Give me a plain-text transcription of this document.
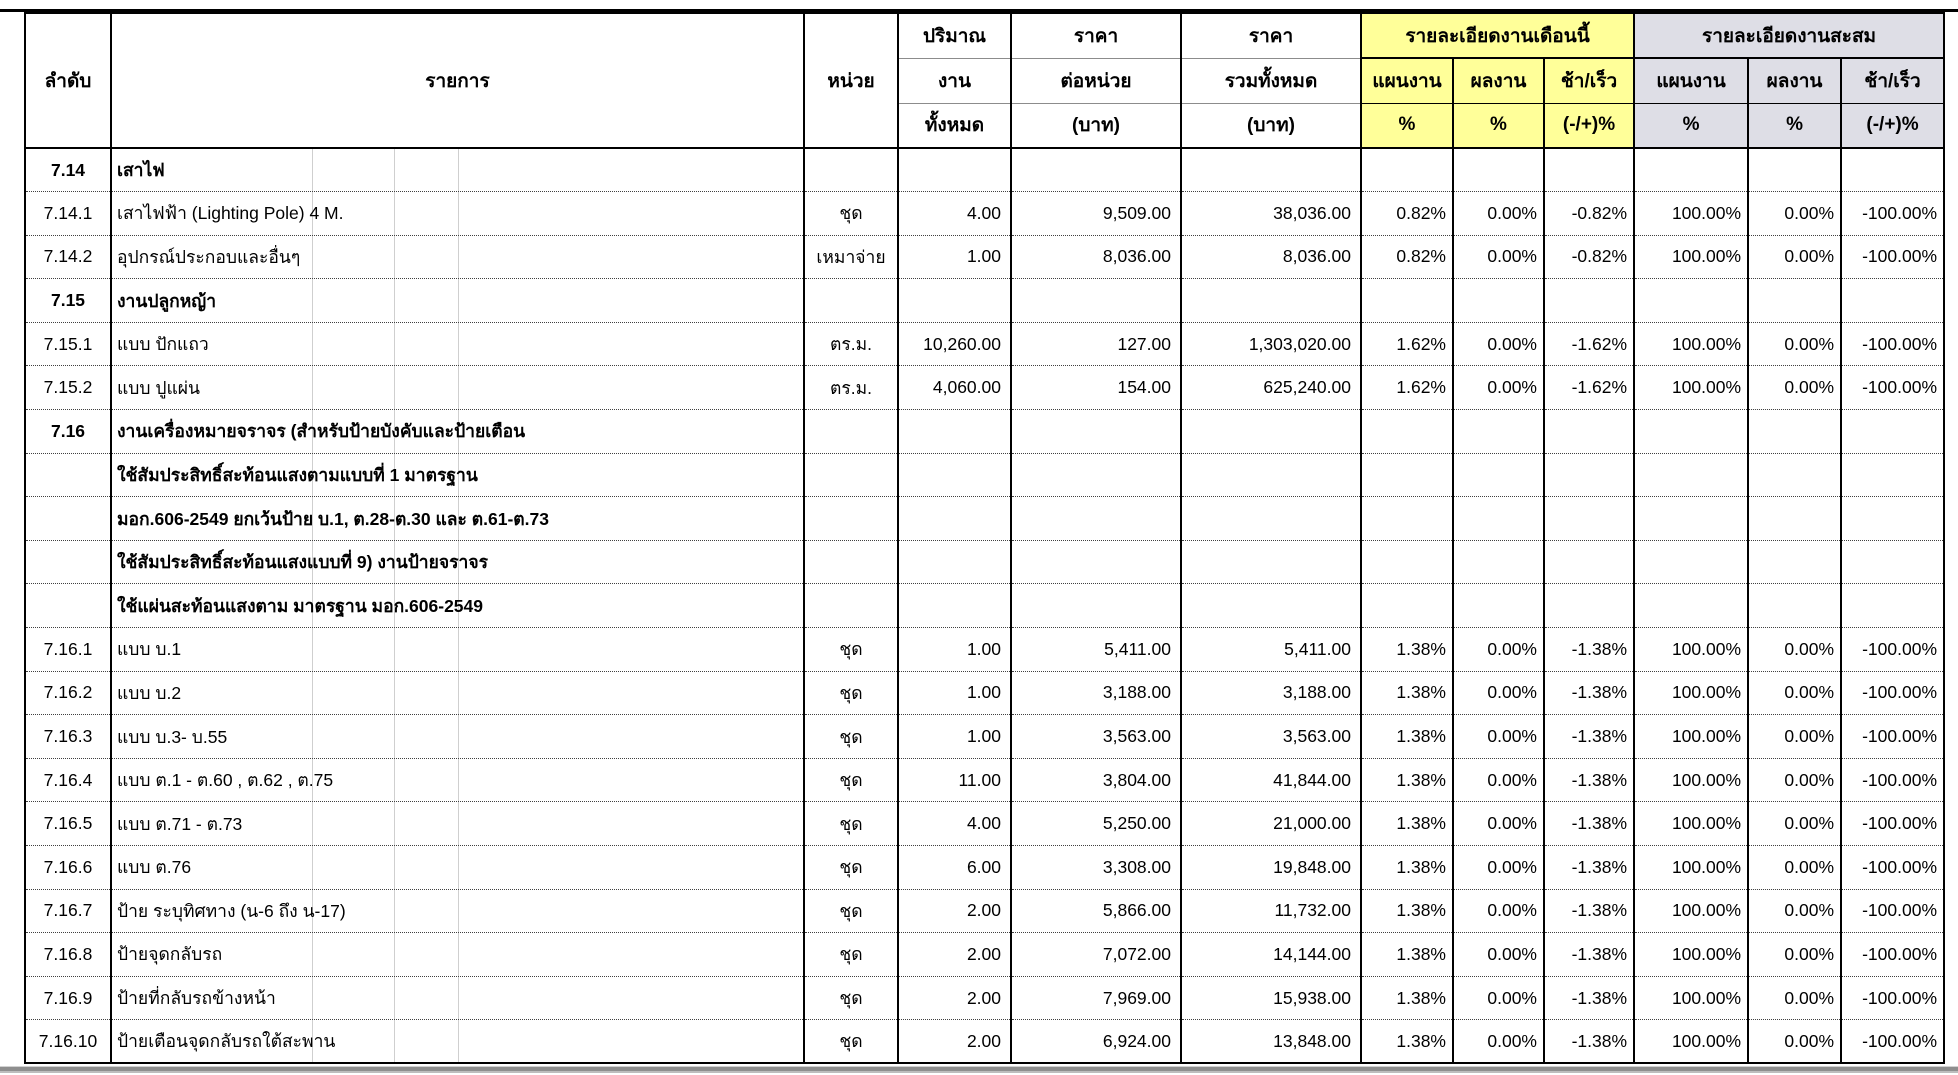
ลำดับ	รายการ	หน่วย	ปริมาณ	ราคา	ราคา	รายละเอียดงานเดือนนี้			รายละเอียดงานสะสม		
			งาน	ต่อหน่วย	รวมทั้งหมด	แผนงาน	ผลงาน	ช้า/เร็ว	แผนงาน	ผลงาน	ช้า/เร็ว
			ทั้งหมด	(บาท)	(บาท)	%	%	(-/+)%	%	%	(-/+)%
7.14	เสาไฟ										
7.14.1	เสาไฟฟ้า (Lighting Pole) 4 M.	ชุด	4.00	9,509.00	38,036.00	0.82%	0.00%	-0.82%	100.00%	0.00%	-100.00%
7.14.2	อุปกรณ์ประกอบและอื่นๆ	เหมาจ่าย	1.00	8,036.00	8,036.00	0.82%	0.00%	-0.82%	100.00%	0.00%	-100.00%
7.15	งานปลูกหญ้า										
7.15.1	แบบ ปักแถว	ตร.ม.	10,260.00	127.00	1,303,020.00	1.62%	0.00%	-1.62%	100.00%	0.00%	-100.00%
7.15.2	แบบ ปูแผ่น	ตร.ม.	4,060.00	154.00	625,240.00	1.62%	0.00%	-1.62%	100.00%	0.00%	-100.00%
7.16	งานเครื่องหมายจราจร (สำหรับป้ายบังคับและป้ายเตือน										
	ใช้สัมประสิทธิ์สะท้อนแสงตามแบบที่ 1 มาตรฐาน										
	มอก.606-2549 ยกเว้นป้าย บ.1, ต.28-ต.30 และ ต.61-ต.73										
	ใช้สัมประสิทธิ์สะท้อนแสงแบบที่ 9) งานป้ายจราจร										
	ใช้แผ่นสะท้อนแสงตาม มาตรฐาน มอก.606-2549										
7.16.1	แบบ บ.1	ชุด	1.00	5,411.00	5,411.00	1.38%	0.00%	-1.38%	100.00%	0.00%	-100.00%
7.16.2	แบบ บ.2	ชุด	1.00	3,188.00	3,188.00	1.38%	0.00%	-1.38%	100.00%	0.00%	-100.00%
7.16.3	แบบ บ.3- บ.55	ชุด	1.00	3,563.00	3,563.00	1.38%	0.00%	-1.38%	100.00%	0.00%	-100.00%
7.16.4	แบบ ต.1 - ต.60 , ต.62 , ต.75	ชุด	11.00	3,804.00	41,844.00	1.38%	0.00%	-1.38%	100.00%	0.00%	-100.00%
7.16.5	แบบ ต.71 - ต.73	ชุด	4.00	5,250.00	21,000.00	1.38%	0.00%	-1.38%	100.00%	0.00%	-100.00%
7.16.6	แบบ ต.76	ชุด	6.00	3,308.00	19,848.00	1.38%	0.00%	-1.38%	100.00%	0.00%	-100.00%
7.16.7	ป้าย ระบุทิศทาง (น-6 ถึง น-17)	ชุด	2.00	5,866.00	11,732.00	1.38%	0.00%	-1.38%	100.00%	0.00%	-100.00%
7.16.8	ป้ายจุดกลับรถ	ชุด	2.00	7,072.00	14,144.00	1.38%	0.00%	-1.38%	100.00%	0.00%	-100.00%
7.16.9	ป้ายที่กลับรถข้างหน้า	ชุด	2.00	7,969.00	15,938.00	1.38%	0.00%	-1.38%	100.00%	0.00%	-100.00%
7.16.10	ป้ายเตือนจุดกลับรถใต้สะพาน	ชุด	2.00	6,924.00	13,848.00	1.38%	0.00%	-1.38%	100.00%	0.00%	-100.00%
